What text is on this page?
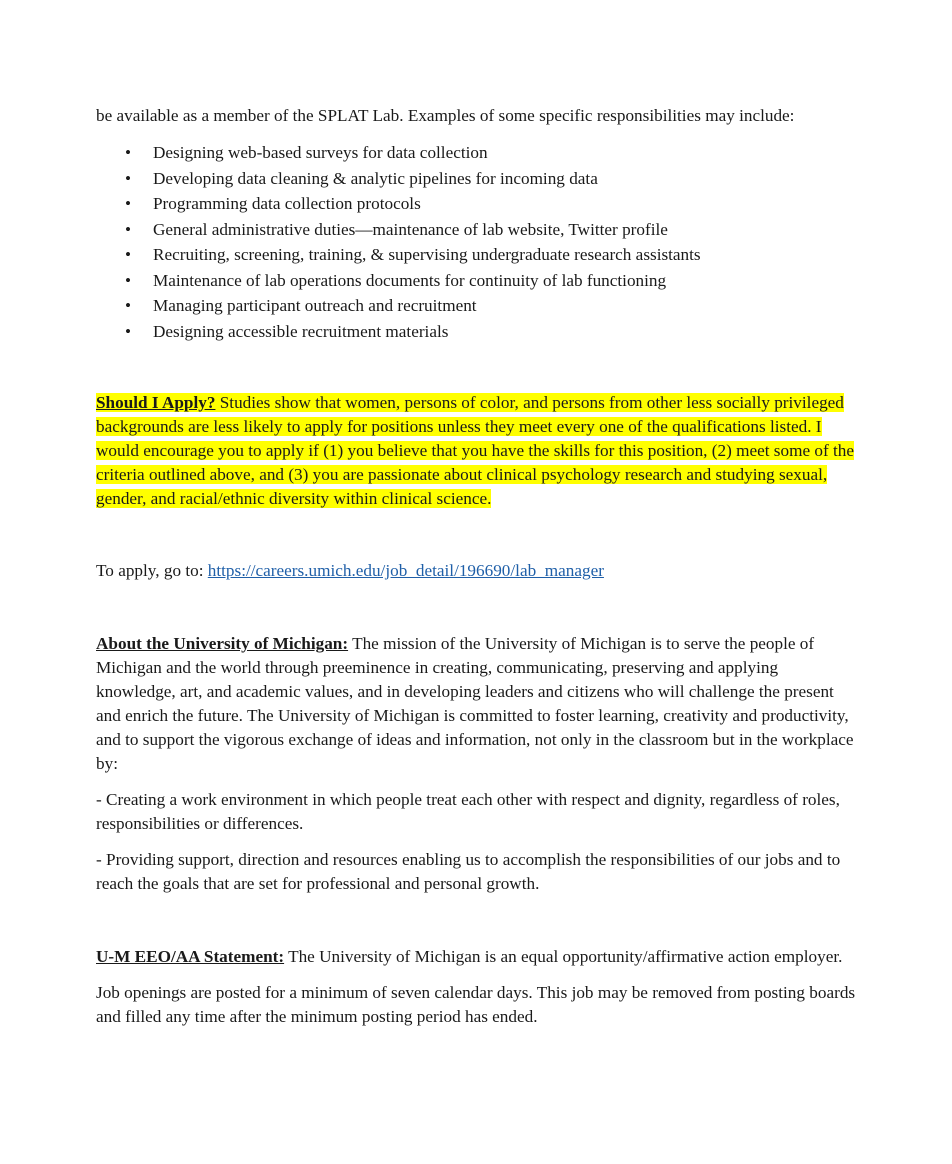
be available as a member of the SPLAT Lab. Examples of some specific responsibilities may include:

• Designing web-based surveys for data collection
• Developing data cleaning & analytic pipelines for incoming data
• Programming data collection protocols
• General administrative duties—maintenance of lab website, Twitter profile
• Recruiting, screening, training, & supervising undergraduate research assistants
• Maintenance of lab operations documents for continuity of lab functioning
• Managing participant outreach and recruitment
• Designing accessible recruitment materials

Should I Apply? Studies show that women, persons of color, and persons from other less socially privileged backgrounds are less likely to apply for positions unless they meet every one of the qualifications listed. I would encourage you to apply if (1) you believe that you have the skills for this position, (2) meet some of the criteria outlined above, and (3) you are passionate about clinical psychology research and studying sexual, gender, and racial/ethnic diversity within clinical science.

To apply, go to: https://careers.umich.edu/job_detail/196690/lab_manager

About the University of Michigan: The mission of the University of Michigan is to serve the people of Michigan and the world through preeminence in creating, communicating, preserving and applying knowledge, art, and academic values, and in developing leaders and citizens who will challenge the present and enrich the future. The University of Michigan is committed to foster learning, creativity and productivity, and to support the vigorous exchange of ideas and information, not only in the classroom but in the workplace by:

- Creating a work environment in which people treat each other with respect and dignity, regardless of roles, responsibilities or differences.

- Providing support, direction and resources enabling us to accomplish the responsibilities of our jobs and to reach the goals that are set for professional and personal growth.

U-M EEO/AA Statement: The University of Michigan is an equal opportunity/affirmative action employer.

Job openings are posted for a minimum of seven calendar days. This job may be removed from posting boards and filled any time after the minimum posting period has ended.
